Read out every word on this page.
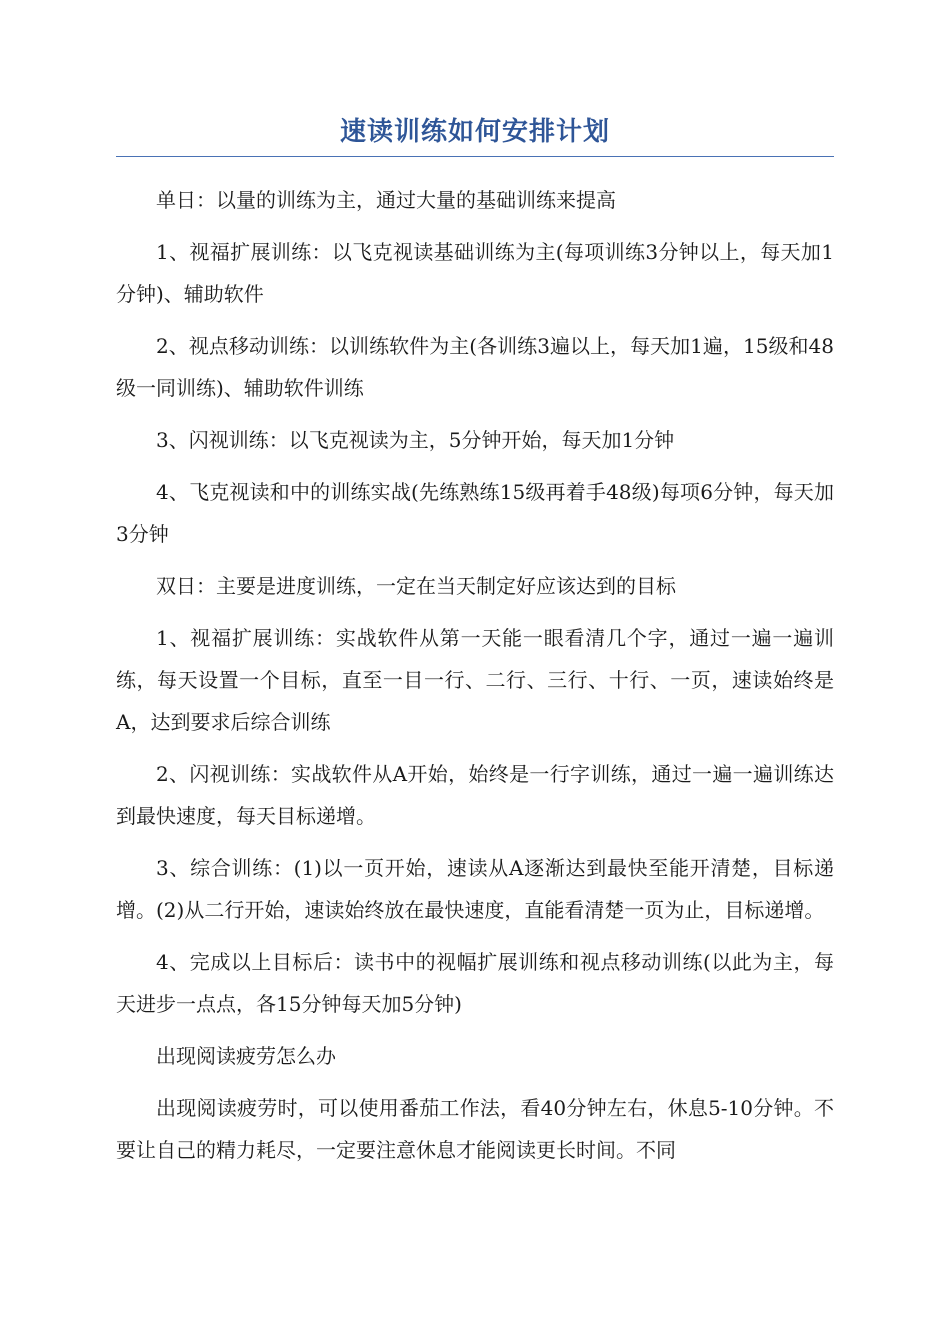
速读训练如何安排计划

单日：以量的训练为主，通过大量的基础训练来提高

1、视福扩展训练：以飞克视读基础训练为主(每项训练3分钟以上，每天加1分钟)、辅助软件

2、视点移动训练：以训练软件为主(各训练3遍以上，每天加1遍，15级和48级一同训练)、辅助软件训练

3、闪视训练：以飞克视读为主，5分钟开始，每天加1分钟

4、飞克视读和中的训练实战(先练熟练15级再着手48级)每项6分钟，每天加3分钟

双日：主要是进度训练，一定在当天制定好应该达到的目标

1、视福扩展训练：实战软件从第一天能一眼看清几个字，通过一遍一遍训练，每天设置一个目标，直至一目一行、二行、三行、十行、一页，速读始终是A，达到要求后综合训练

2、闪视训练：实战软件从A开始，始终是一行字训练，通过一遍一遍训练达到最快速度，每天目标递增。

3、综合训练：(1)以一页开始，速读从A逐渐达到最快至能开清楚，目标递增。(2)从二行开始，速读始终放在最快速度，直能看清楚一页为止，目标递增。

4、完成以上目标后：读书中的视幅扩展训练和视点移动训练(以此为主，每天进步一点点，各15分钟每天加5分钟)

出现阅读疲劳怎么办

出现阅读疲劳时，可以使用番茄工作法，看40分钟左右，休息5-10分钟。不要让自己的精力耗尽，一定要注意休息才能阅读更长时间。不同
